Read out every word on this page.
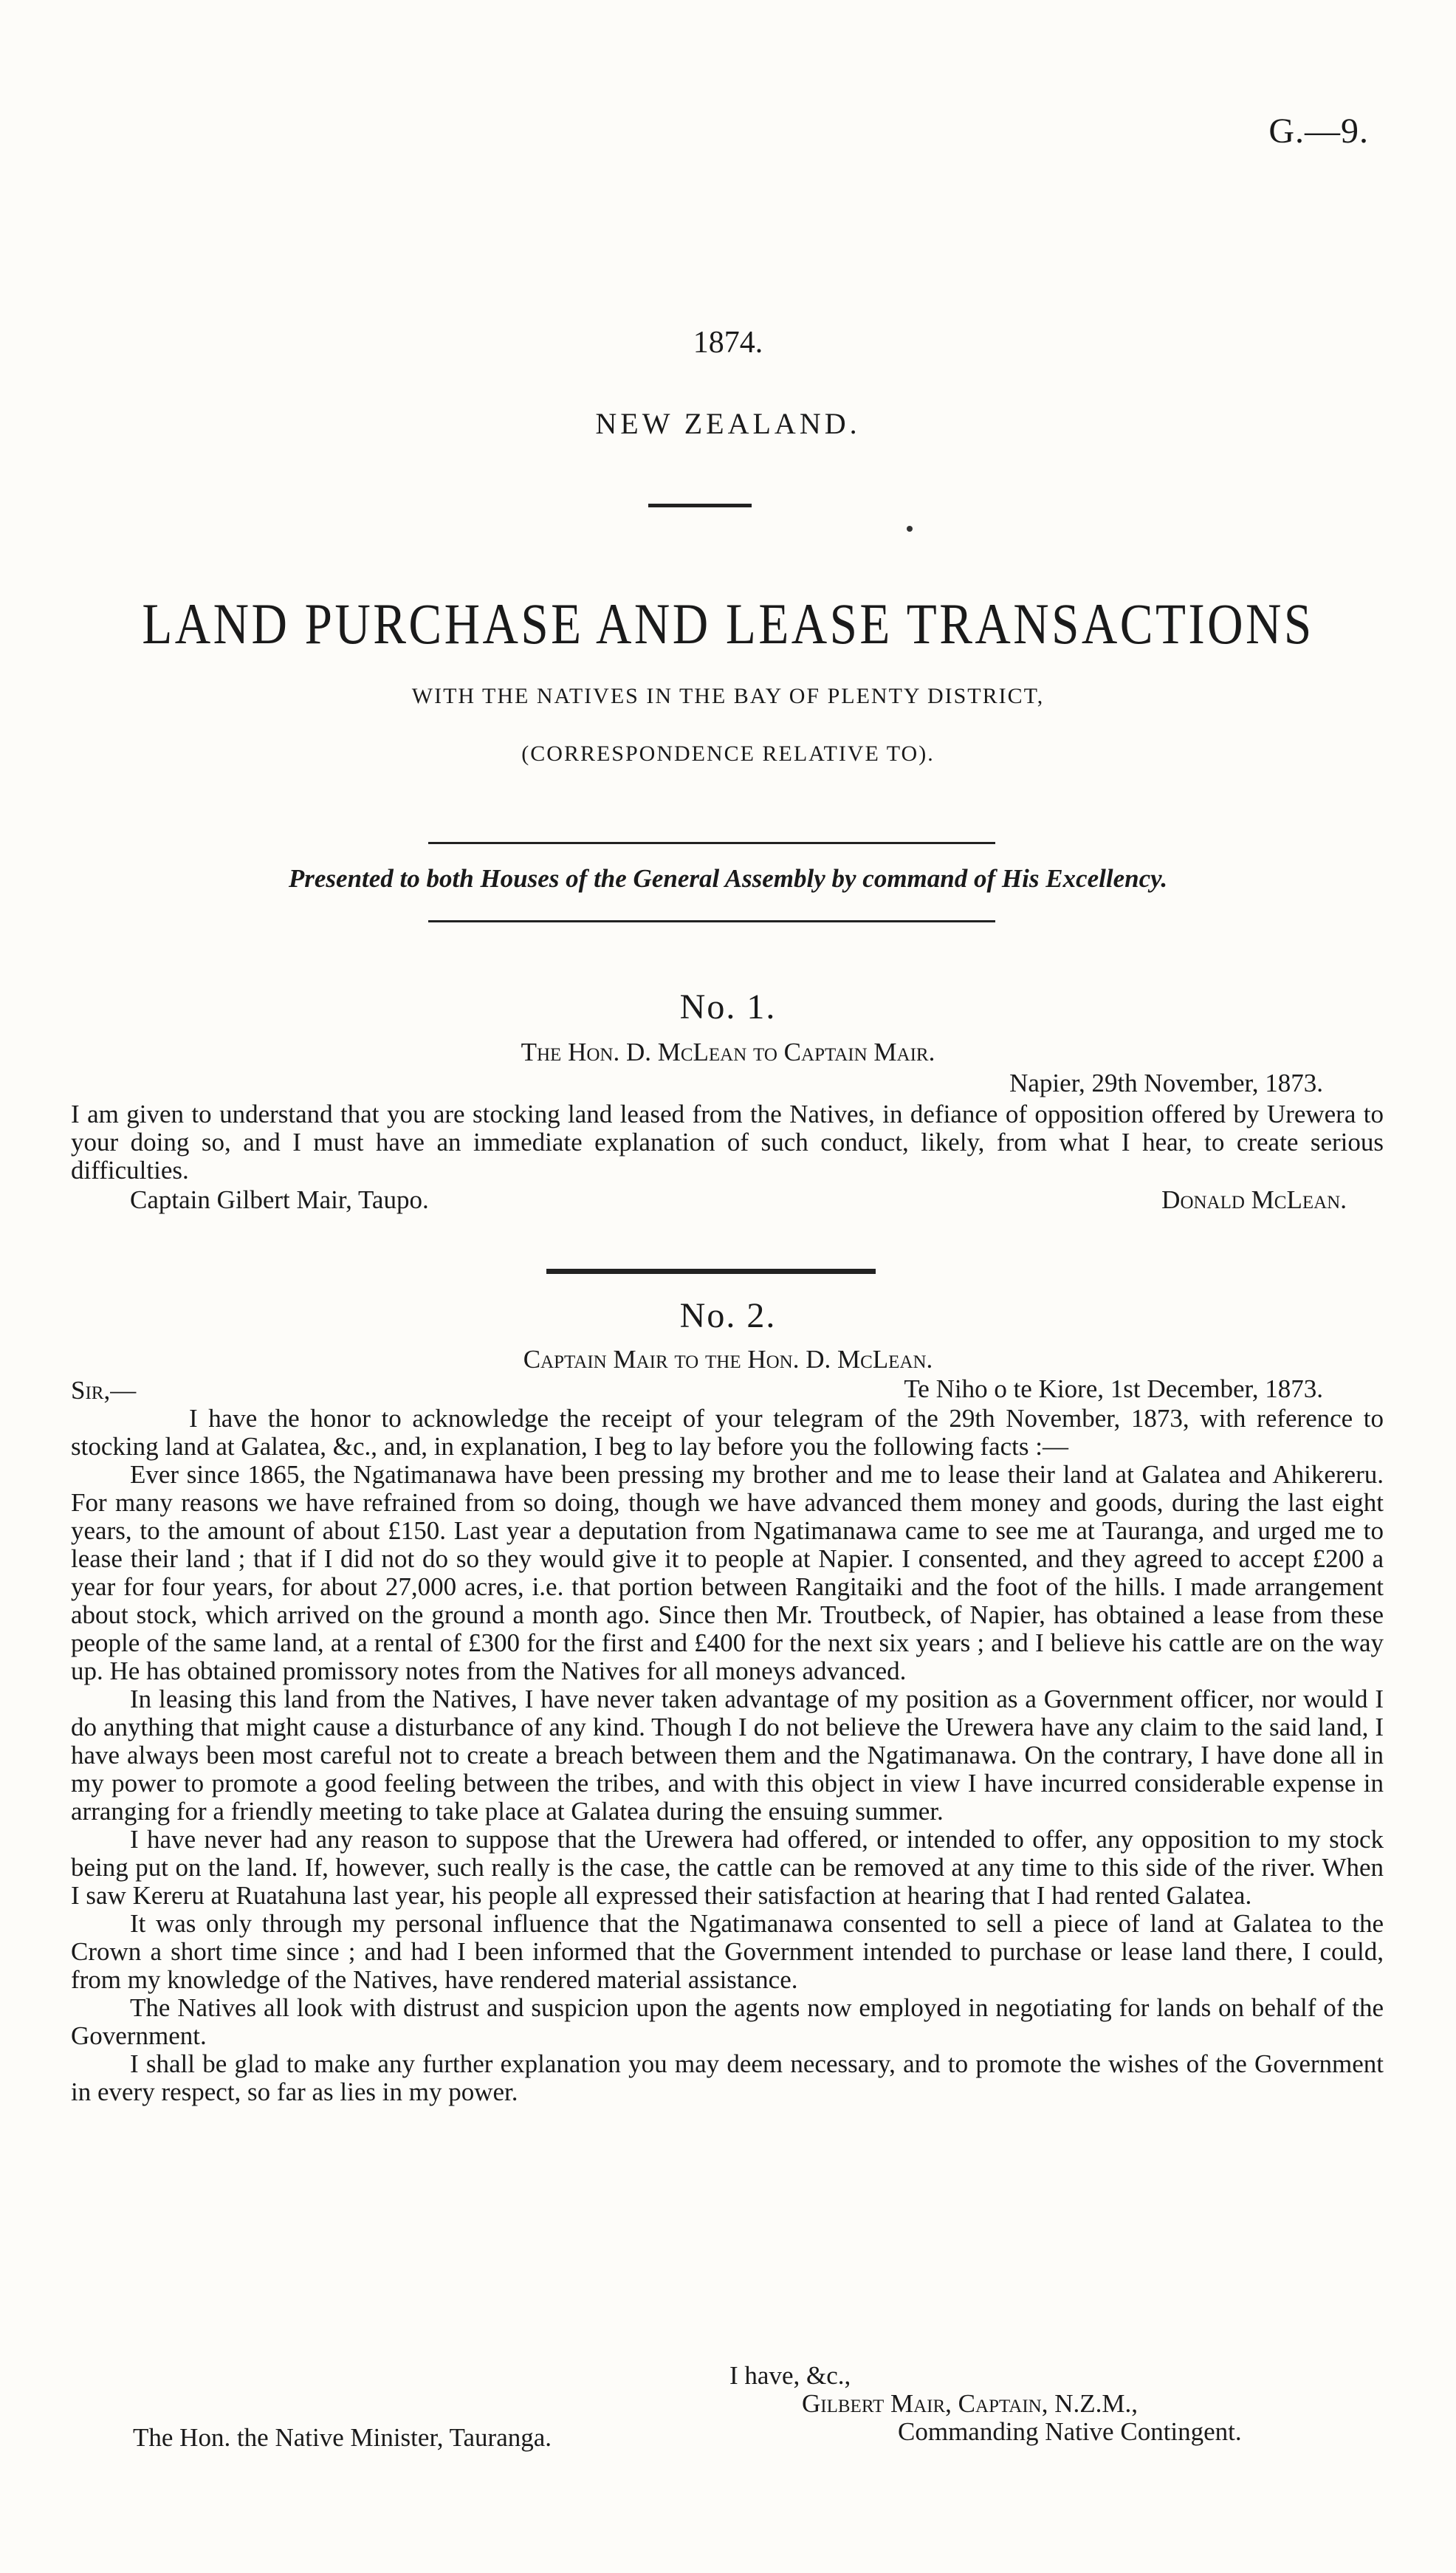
G.—9.
1874.
NEW ZEALAND.
LAND PURCHASE AND LEASE TRANSACTIONS
WITH THE NATIVES IN THE BAY OF PLENTY DISTRICT,
(CORRESPONDENCE RELATIVE TO).
Presented to both Houses of the General Assembly by command of His Excellency.
No. 1.
The Hon. D. McLean to Captain Mair.
Napier, 29th November, 1873.

I am given to understand that you are stocking land leased from the Natives, in defiance of opposition offered by Urewera to your doing so, and I must have an immediate explanation of such conduct, likely, from what I hear, to create serious difficulties.

Captain Gilbert Mair, Taupo.	Donald McLean.
No. 2.
Captain Mair to the Hon. D. McLean.
Sir,—	Te Niho o te Kiore, 1st December, 1873.

I have the honor to acknowledge the receipt of your telegram of the 29th November, 1873, with reference to stocking land at Galatea, &c., and, in explanation, I beg to lay before you the following facts :—

Ever since 1865, the Ngatimanawa have been pressing my brother and me to lease their land at Galatea and Ahikereru. For many reasons we have refrained from so doing, though we have advanced them money and goods, during the last eight years, to the amount of about £150. Last year a deputation from Ngatimanawa came to see me at Tauranga, and urged me to lease their land ; that if I did not do so they would give it to people at Napier. I consented, and they agreed to accept £200 a year for four years, for about 27,000 acres, i.e. that portion between Rangitaiki and the foot of the hills. I made arrangement about stock, which arrived on the ground a month ago. Since then Mr. Troutbeck, of Napier, has obtained a lease from these people of the same land, at a rental of £300 for the first and £400 for the next six years ; and I believe his cattle are on the way up. He has obtained promissory notes from the Natives for all moneys advanced.

In leasing this land from the Natives, I have never taken advantage of my position as a Government officer, nor would I do anything that might cause a disturbance of any kind. Though I do not believe the Urewera have any claim to the said land, I have always been most careful not to create a breach between them and the Ngatimanawa. On the contrary, I have done all in my power to promote a good feeling between the tribes, and with this object in view I have incurred considerable expense in arranging for a friendly meeting to take place at Galatea during the ensuing summer.

I have never had any reason to suppose that the Urewera had offered, or intended to offer, any opposition to my stock being put on the land. If, however, such really is the case, the cattle can be removed at any time to this side of the river. When I saw Kereru at Ruatahuna last year, his people all expressed their satisfaction at hearing that I had rented Galatea.

It was only through my personal influence that the Ngatimanawa consented to sell a piece of land at Galatea to the Crown a short time since ; and had I been informed that the Government intended to purchase or lease land there, I could, from my knowledge of the Natives, have rendered material assistance.

The Natives all look with distrust and suspicion upon the agents now employed in negotiating for lands on behalf of the Government.

I shall be glad to make any further explanation you may deem necessary, and to promote the wishes of the Government in every respect, so far as lies in my power.

I have, &c.,
Gilbert Mair, Captain, N.Z.M.,
Commanding Native Contingent.
The Hon. the Native Minister, Tauranga.
